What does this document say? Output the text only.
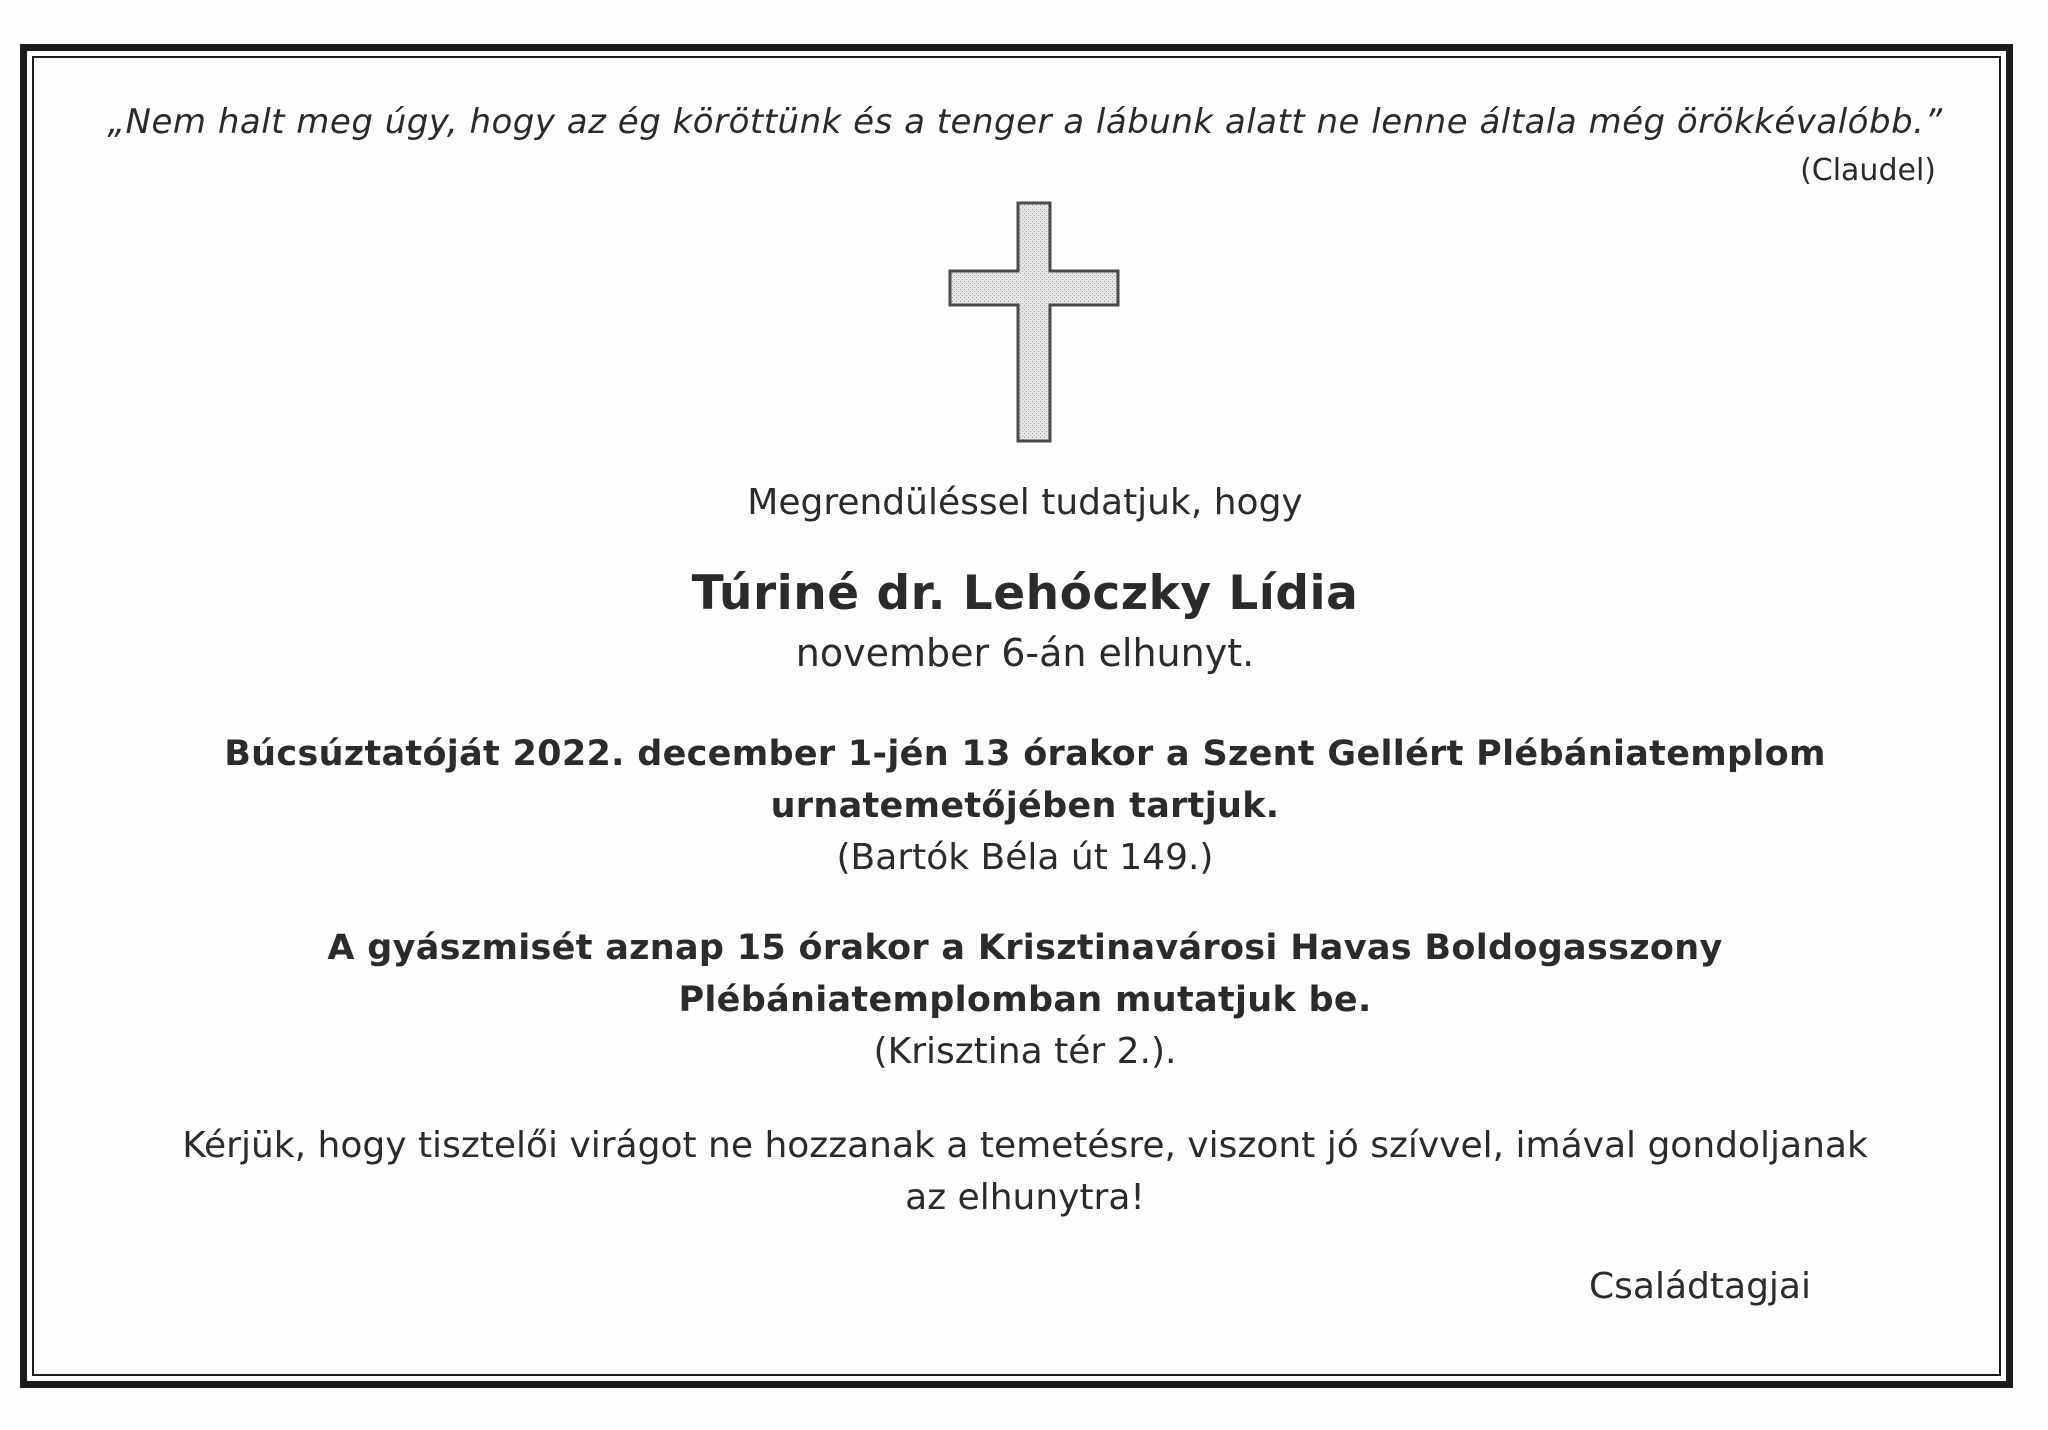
„Nem halt meg úgy, hogy az ég köröttünk és a tenger a lábunk alatt ne lenne általa még örökkévalóbb.”
(Claudel)
Megrendüléssel tudatjuk, hogy
Túriné dr. Lehóczky Lídia
november 6-án elhunyt.
Búcsúztatóját 2022. december 1-jén 13 órakor a Szent Gellért Plébániatemplom
urnatemetőjében tartjuk.
(Bartók Béla út 149.)
A gyászmisét aznap 15 órakor a Krisztinavárosi Havas Boldogasszony
Plébániatemplomban mutatjuk be.
(Krisztina tér 2.).
Kérjük, hogy tisztelői virágot ne hozzanak a temetésre, viszont jó szívvel, imával gondoljanak
az elhunytra!
Családtagjai
